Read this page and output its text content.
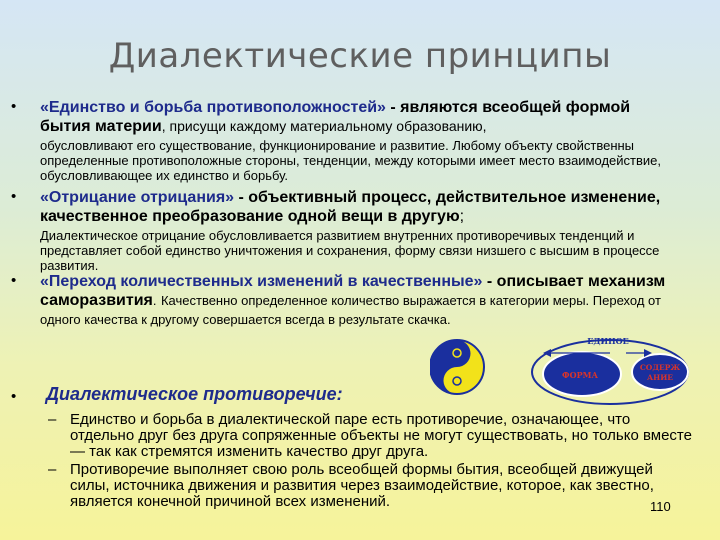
Диалектические принципы
• «Единство и борьба противоположностей» - являются всеобщей формой бытия материи, присущи каждому материальному образованию,
обусловливают его существование, функционирование и развитие. Любому объекту свойственны определенные противоположные стороны, тенденции, между которыми имеет место взаимодействие, обусловливающее их единство и борьбу.
• «Отрицание отрицания» - объективный процесс, действительное изменение, качественное преобразование одной вещи в другую;
Диалектическое отрицание обусловливается развитием внутренних противоречивых тенденций и представляет собой единство уничтожения и сохранения, форму связи низшего с высшим в процессе развития.
• «Переход количественных изменений в качественные» - описывает механизм саморазвития. Качественно определенное количество выражается в категории меры. Переход от одного качества к другому совершается всегда в результате скачка.
ЕДИНОЕ
ФОРМА
СОДЕРЖ
АНИЕ
• Диалектическое противоречие:
– Единство и борьба в диалектической паре есть противоречие, означающее, что отдельно друг без друга сопряженные объекты не могут существовать, но только вместе — так как стремятся изменить качество друг друга.
– Противоречие выполняет свою роль всеобщей формы бытия, всеобщей движущей силы, источника движения и развития через взаимодействие, которое, как звестно, является конечной причиной всех изменений.	110
